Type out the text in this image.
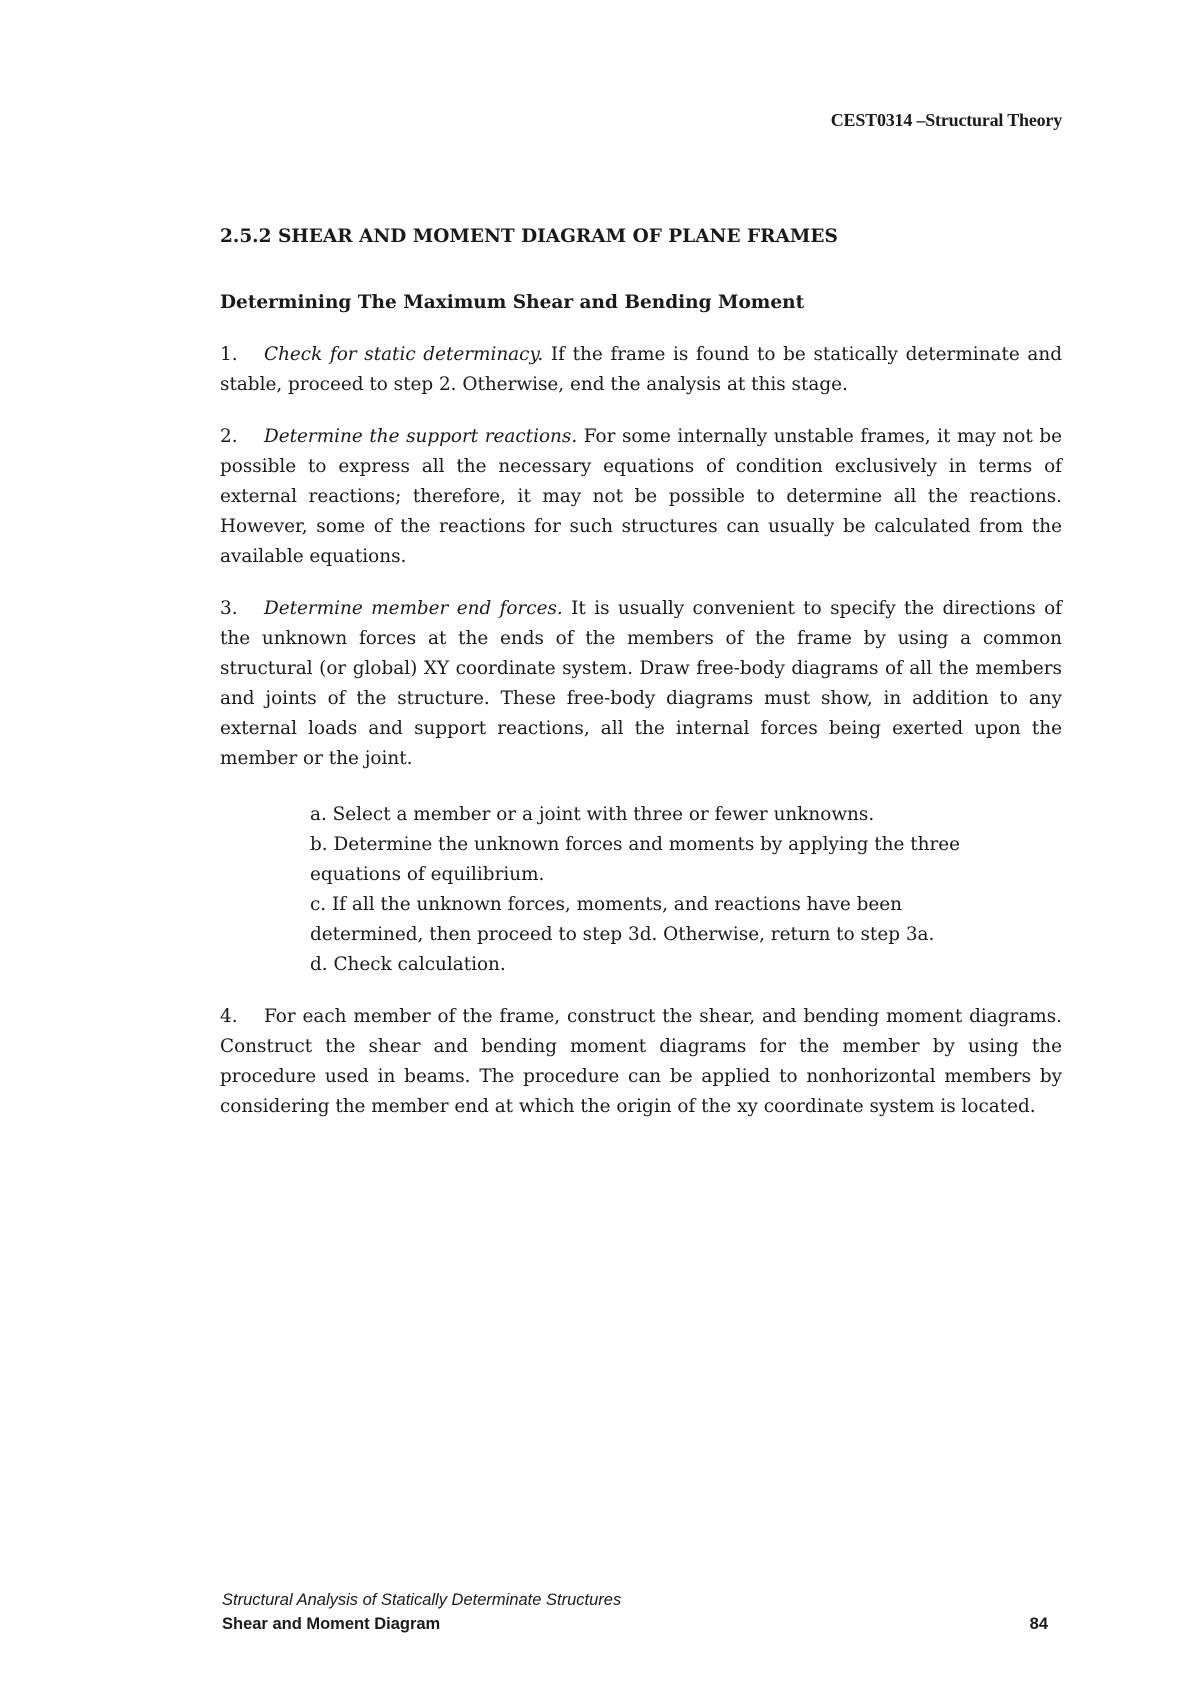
CEST0314 –Structural Theory

2.5.2 SHEAR AND MOMENT DIAGRAM OF PLANE FRAMES

Determining The Maximum Shear and Bending Moment

1. Check for static determinacy. If the frame is found to be statically determinate and stable, proceed to step 2. Otherwise, end the analysis at this stage.

2. Determine the support reactions. For some internally unstable frames, it may not be possible to express all the necessary equations of condition exclusively in terms of external reactions; therefore, it may not be possible to determine all the reactions. However, some of the reactions for such structures can usually be calculated from the available equations.

3. Determine member end forces. It is usually convenient to specify the directions of the unknown forces at the ends of the members of the frame by using a common structural (or global) XY coordinate system. Draw free-body diagrams of all the members and joints of the structure. These free-body diagrams must show, in addition to any external loads and support reactions, all the internal forces being exerted upon the member or the joint.

a. Select a member or a joint with three or fewer unknowns.

b. Determine the unknown forces and moments by applying the three equations of equilibrium.

c. If all the unknown forces, moments, and reactions have been determined, then proceed to step 3d. Otherwise, return to step 3a.

d. Check calculation.

4. For each member of the frame, construct the shear, and bending moment diagrams. Construct the shear and bending moment diagrams for the member by using the procedure used in beams. The procedure can be applied to nonhorizontal members by considering the member end at which the origin of the xy coordinate system is located.

Structural Analysis of Statically Determinate Structures
Shear and Moment Diagram	84
